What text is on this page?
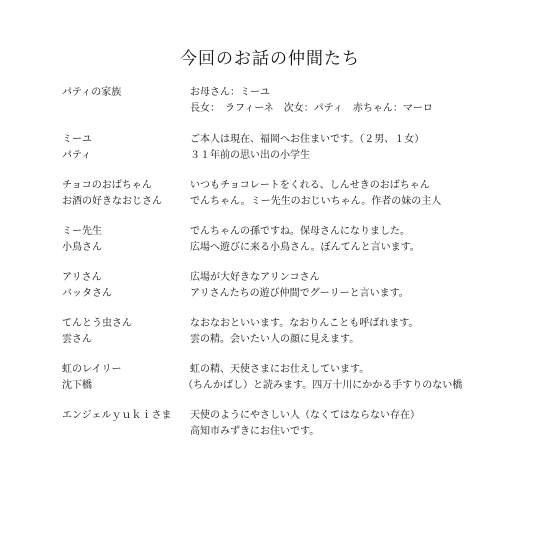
今回のお話の仲間たち
パティの家族	お母さん：ミーユ
長女：　ラフィーネ　次女：パティ　赤ちゃん：マーロ
ミーユ	ご本人は現在、福岡へお住まいです。（２男、１女）
パティ	３１年前の思い出の小学生
チョコのおばちゃん	いつもチョコレートをくれる、しんせきのおばちゃん
お酒の好きなおじさん	でんちゃん。ミー先生のおじいちゃん。作者の妹の主人
ミー先生	でんちゃんの孫ですね。保母さんになりました。
小鳥さん	広場へ遊びに来る小鳥さん。ぼんてんと言います。
アリさん	広場が大好きなアリンコさん
バッタさん	アリさんたちの遊び仲間でグーリーと言います。
てんとう虫さん	なおなおといいます。なおりんことも呼ばれます。
雲さん	雲の精。会いたい人の顔に見えます。
虹のレイリー	虹の精、天使さまにお仕えしています。
沈下橋	（ちんかばし）と読みます。四万十川にかかる手すりのない橋
エンジェルｙｕｋｉさま 天使のようにやさしい人（なくてはならない存在）
高知市みずきにお住いです。
